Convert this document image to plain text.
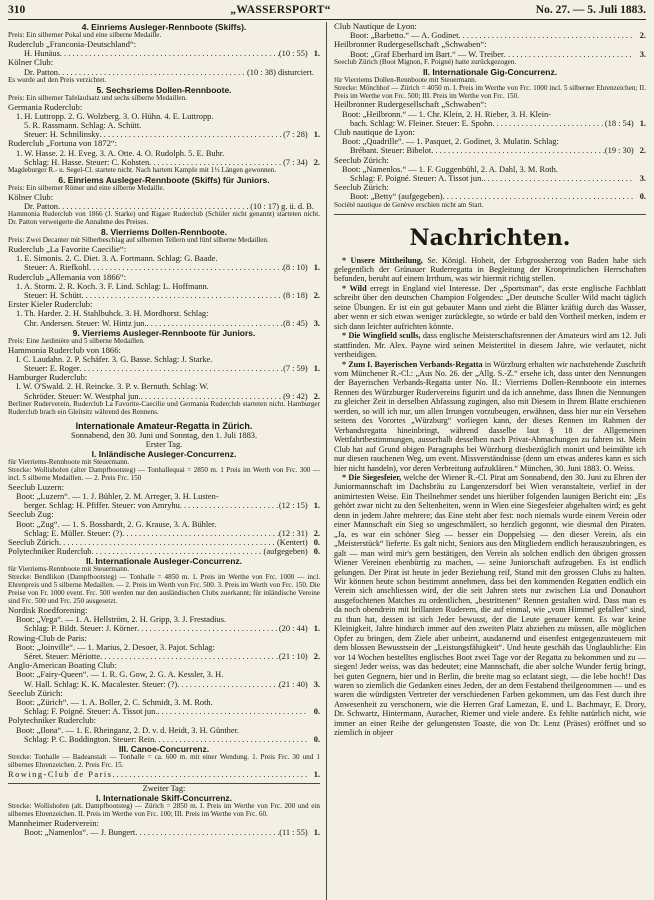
310	„WASSERSPORT“	No. 27. — 5. Juli 1883.
4. Einriems Ausleger-Rennboote (Skiffs).
Preis: Ein silberner Pokal und eine silberne Medaille.
Ruderclub „Franconia-Deutschland“:
H. Hunäus . . .	(10 : 55) 1.
Kölner Club:
Dr. Patton . . .	(10 : 38) disturciert.
Es wurde auf den Preis verzichtet.
5. Sechsriems Dollen-Rennboote.
Preis: Ein silberner Tafelaufsatz und sechs silberne Medaillen.
Germania Ruderclub:
1. H. Luttropp. 2. G. Wolzberg. 3. O. Hühn. 4. E. Luttropp.
5. R. Rassmann. Schlag: A. Schütt.
Steuer: H. Schnilinsky . . .	(7 : 28) 1.
Ruderclub „Fortuna von 1872“:
1. W. Hasse. 2. H. Eveg. 3. A. Otte. 4. O. Rudolph. 5. E. Buhr.
Schlag: H. Hasse. Steuer: C. Kohsten . . .	(7 : 34) 2.
Magdeburger R.- u. Segel-Cl. startete nicht. Nach hartem Kampfe mit 1½ Längen gewonnen.
6. Einriems Ausleger-Rennboote (Skiffs) für Juniors.
Preis: Ein silberner Römer und eine silberne Medaille.
Kölner Club:
Dr. Patton . . .	(10 : 17) g. ü. d. B.
Hammonia Ruderclub von 1866 (J. Starke) und Rigaer Ruderclub (Schüler nicht genannt) starteten nicht. Dr. Patton verweigerte die Annahme des Preises.
8. Vierriems Dollen-Rennboote.
Preis: Zwei Decanter mit Silberbeschlag auf silbernen Tellern und fünf silberne Medaillen.
Ruderclub „La Favorite Caecilie“:
1. E. Simonis. 2. C. Diet. 3. A. Fortmann. Schlag: G. Baade.
Steuer: A. Riefkohl . . .	(8 : 10) 1.
Ruderclub „Allemania von 1866“:
1. A. Storm. 2. R. Koch. 3. F. Lind. Schlag: L. Hoffmann.
Steuer: H. Schütt . . .	(8 : 18) 2.
Erster Kieler Ruderclub:
1. Th. Harder. 2. H. Stahlbuhck. 3. H. Mordhorst. Schlag:
Chr. Andersen. Steuer: W. Hintz jun. . . .	(8 : 45) 3.
9. Vierriems Ausleger-Rennboote für Juniors.
Preis: Eine Jardinière und 5 silberne Medaillen.
Hammonia Ruderclub von 1866:
I. C. Laudahn. 2. P. Schäfer. 3. G. Basse. Schlag: J. Starke.
Steuer: E. Roger . . .	(7 : 59) 1.
Hamburger Ruderclub:
I. W. O'Swald. 2. H. Reincke. 3. P. v. Bernuth. Schlag: W.
Schröder. Steuer: W. Westphal jun. . . .	(9 : 42) 2.
Berliner Ruderverein, Ruderclub La Favorite-Caecilie und Germania Ruderclub starteten nicht. Hamburger Ruderclub brach ein Gleitsitz während des Rennens.
Internationale Amateur-Regatta in Zürich.
Sonnabend, den 30. Juni und Sonntag, den 1. Juli 1883.
Erster Tag.
I. Inländische Ausleger-Concurrenz.
für Vierriems-Rennboote mit Steuermann.
Strecke: Wollishofen (alter Dampfbootsteg) — Tonhallequai = 2850 m. 1 Preis im Werth von Frc. 300 — incl. 5 silberne Medaillen. — 2. Preis Frc. 150
Seeclub Luzern:
Boot: „Luzern“. — 1. J. Bühler, 2. M. Arreger, 3. H. Lusten-
berger. Schlag: H. Pfiffer. Steuer: von Amryhu . . .	(12 : 15) 1.
Seeclub Zug:
Boot: „Zug“. — 1. S. Bosshardt, 2. G. Krause, 3. A. Bühler.
Schlag: E. Müller. Steuer: (?) . . .	(12 : 31) 2.
Seeclub Zürich . . .	(Kentert) 0.
Polytechniker Ruderclub . . .	(aufgegeben) 0.
II. Internationale Ausleger-Concurrenz.
für Vierriems-Rennboote mit Steuermann.
Strecke: Bendlikon (Dampfbootsteg) — Tonhalle = 4850 m. 1. Preis im Werthe von Frc. 1000 — incl. Ehrenpreis und 5 silberne Medaillen. — 2. Preis im Werth von Frc. 500. 3. Preis im Werth von Frc. 150. Die Preise von Fr. 1000 event. Frc. 500 werden nur den ausländischen Clubs zuerkannt; für inländische Vereine sind Frc. 500 und Frc. 250 ausgesetzt.
Nordisk Roedforening:
Boot: „Vega“. — 1. A. Hellström, 2. H. Gripp, 3. J. Frestadius.
Schlag: P. Bildt. Steuer: J. Körner . . .	(20 : 44) 1.
Rowing-Club de Paris:
Boot: „Joinville“. — 1. Marius, 2. Desoer, 3. Pajot. Schlag:
Séret. Steuer: Mériotte . . .	(21 : 10) 2.
Anglo-American Boating Club:
Boot: „Fairy-Queen“. — 1. R. G. Gow, 2. G. A. Kessler, 3. H.
W. Hall. Schlag: K. K. Macalester. Steuer: (?) . . .	(21 : 40) 3.
Seeclub Zürich:
Boot: „Zürich“. — 1. A. Boller, 2. C. Schmidt, 3. M. Roth.
Schlag: F. Poigné. Steuer: A. Tissot jun. . . .	0.
Polytechniker Ruderclub:
Boot: „Ilona“. — 1. E. Rheinganz, 2. D. v. d. Heidt, 3. H. Günther.
Schlag: P. C. Boddington. Steuer: Rein . . .	0.
III. Canoe-Concurrenz.
Strecke: Tonhalle — Badeanstalt — Tonhalle = ca. 600 m. mit einer Wendung. 1. Preis Frc. 30 und 1 silbernes Ehrenzeichen. 2. Preis Frc. 15.
Rowing-Club de Paris . . .	1.
Zweiter Tag:
I. Internationale Skiff-Concurrenz.
Strecke: Wollishofen (alt. Dampfbootsteg) — Zürich = 2850 m. I. Preis im Werthe von Frc. 200 und ein silbernes Ehrenzeichen. II. Preis im Werthe von Frc. 100; III. Preis im Werthe von Frc. 60.
Mannheimer Ruderverein:
Boot: „Namenlos“. — J. Bungert . . .	(11 : 55) 1.
Club Nautique de Lyon:
Boot: „Barbetto.“ — A. Godinet . . .	2.
Heilbronner Rudergesellschaft „Schwaben“:
Boot: „Graf Eberhard im Bart.“ — W. Treiber . . .	3.
Seeclub Zürich (Boot Mignon, F. Poigné) hatte zurückgezogen.
II. Internationale Gig-Concurrenz.
für Vierriems Dollen-Rennboote mit Steuermann.
Strecke: Mönchhof — Zürich = 4050 m. I. Preis im Werthe von Frc. 1000 incl. 5 silberner Ehrenzeichen; II. Preis im Werthe von Frc. 500; III. Preis im Werthe von Frc. 150.
Heilbronner Rudergesellschaft „Schwaben“:
Boot: „Heilbronn.“ — 1. Chr. Klein, 2. H. Rieber, 3. H. Klein-
bach. Schlag: W. Fleiner. Steuer: E. Spohn . . .	(18 : 54) 1.
Club nautique de Lyon:
Boot: „Quadrille“. — 1. Pasquet, 2. Godinet, 3. Mulatin. Schlag:
Brébant. Steuer: Bibelot . . .	(19 : 30) 2.
Seeclub Zürich:
Boot: „Namenlos.“ — 1. F. Guggenbühl, 2. A. Dahl, 3. M. Roth.
Schlag: F. Poigné. Steuer: A. Tissot jun. . . .	3.
Seeclub Zürich:
Boot: „Betty“ (aufgegeben) . . .	0.
Société nautique de Genève erschien nicht am Start.
Nachrichten.

* Unsere Mittheilung, Se. Königl. Hoheit, der Erbgrossherzog von Baden habe sich gelegentlich der Grünauer Ruderregatta in Begleitung der Kronprinzlichen Herrschaften befunden, beruht auf einem Irrthum, was wir hiermit richtig stellen.

* Wild erregt in England viel Interesse. Der „Sportsman“, das erste englische Fachblatt schreibt über den deutschen Champion Folgendes: „Der deutsche Sculler Wild macht täglich seine Übungen. Er ist ein gut gebauter Mann und zieht die Blätter kräftig durch das Wasser, aber wenn er sich etwas weniger zurücklegte, so würde er bald den Vortheil merken, indem er sich dann leichter aufrichten könnte.

* Die Wingfield sculls, dass englische Meisterschaftsrennen der Amateurs wird am 12. Juli stattfinden. Mr. Alex. Payne wird seinen Meistertitel in diesem Jahre, wie verlautet, nicht vertheidigen.

* Zum I. Bayerischen Verbands-Regatta in Würzburg erhalten wir nachstehende Zuschrift vom Münchener R.-Cl.: „Aus No. 26. der „Allg. S.-Z.“ ersehe ich, dass unter den Nennungen der Bayerischen Verbands-Regatta unter No. II.: Vierriems Dollen-Rennboote ein internes Rennen des Würzburger Rudervereins figurirt und da ich annehme, dass Ihnen die Nennungen zu gleicher Zeit in derselben Abfassung zugingen, also mit Diesem in Ihrem Blatte erschienen werden, so will ich nur, um allen Irrungen vorzubeugen, erwähnen, dass hier nur ein Versehen seitens des Vorortes „Würzburg“ vorliegen kann, der dieses Rennen im Rahmen der Verbandsregatta hineinbringt, während dasselbe laut § 18 der Allgemeinen Wettfahrtbestimmungen, ausserhalb desselben nach Privat-Abmachungen zu fahren ist. Mein Club hat auf Grund obigen Paragraphs bei Würzburg diesbezüglich monirt und beimühte ich nur diesen rauchenen Weg, um event. Missverständnisse (denn um etwas anderes kann es sich hier nicht handeln), vor deren Verbreitung aufzuklären.“ München, 30. Juni 1883. O. Weiss.

* Die Siegesfeier, welche der Wiener R.-Cl. Pirat am Sonnabend, den 30. Juni zu Ehren der Juniormannschaft im Dachsbräu zu Langenzersdorf bei Wien veranstaltete, verlief in der animirtesten Weise. Ein Theilnehmer sendet uns hierüber folgenden launigen Bericht ein: „Es gehört zwar nicht zu den Seltenheiten, wenn in Wien eine Siegesfeier abgehalten wird; es geht denn in jedem Jahre mehrere; das Eine steht aber fest: noch niemals wurde einem Verein oder einer Mannschaft ein Sieg so ungeschmälert, so herzlich gegonnt, wie diesmal den Piraten. „Ja, es war ein schöner Sieg — besser ein Doppelsieg — den dieser Verein, als ein „Meisterstück“ lieferte. Es galt nicht, Seniors aus den Mitgliedern endlich herauszubringen, es galt — man wird mir's gern bestätigen, den Verein als solchen endlich den übrigen grossen Wiener Vereinen ebenbürtig zu machen, — seine Juniorschaft aufzugeben. Es ist endlich gelungen. Der Pirat ist heute in jeder Beziehung reif, Stand mit den grossen Clubs zu halten. Wir können heute schon bestimmt annehmen, dass bei den kommenden Regatten endlich ein Verein sich anschliessen wird, der die seit Jahren stets nur zwischen Lia und Donauhort ausgefochtenen Matches zu ordentlichen, „bestrittenen“ Rennen gestalten wird. Dass man es da noch obendrein mit brillanten Ruderern, die auf einmal, wie „vom Himmel gefallen“ sind, zu thun hat, dessen ist sich Jeder bewusst, der die Leute genauer kennt. Es war keine Kleinigkeit, Jahre hindurch immer auf den zweiten Platz abziehen zu müssen, alle möglichen Opfer zu bringen, dem Ziele aber unbeirrt, ausdanernd und eisenfest entgegenzusteuern mit dem blossen Bewusstsein der „Leistungsfähigkeit“. Und heute geschäh das Unglaubliche: Ein vor 14 Wochen bestelltes englisches Boot zwei Tage vor der Regatta zu bekommen und zu — siegen! Jeder weiss, was das bedeutet; eine Mannschaft, die aber solche Wunder fertig bringt, bei guten Gegnern, hier und in Berlin, die breite mag so eclatant siegt, — die lebe hoch!! Das waren so ziemlich die Gedanken eines Jeden, der an dem Festabend theilgenommen — und es waren die würdigsten Vertreter der verschiedenen Farben gekommen, um das Fest durch ihre Anwesenheit zu verschonern, wie die Herren Graf Lamezan, E. und L. Bachmayr, E. Drory, Dr. Schwartz, Hintermann, Auracher, Riemer und viele andere. Es fehlte natürlich nicht, wie immer an einer Reihe der gelungensten Toaste, die von Dr. Lenz (Präses) eröffnet und so ziemlich in objeer
